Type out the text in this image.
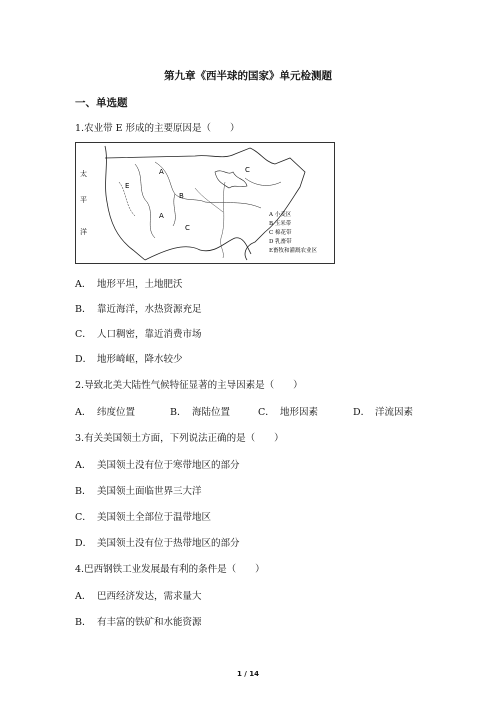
第九章《西半球的国家》单元检测题
一、单选题
1.农业带 E 形成的主要原因是（　　）
太
平
洋
E
A
B
C
A
C
A 小麦区
B 玉米带
C 棉花带
D 乳畜带
E畜牧和灌溉农业区
A． 地形平坦，土地肥沃
B． 靠近海洋，水热资源充足
C． 人口稠密，靠近消费市场
D． 地形崎岖，降水较少
2.导致北美大陆性气候特征显著的主导因素是（　　）
A． 纬度位置	B． 海陆位置	C． 地形因素	D． 洋流因素
3.有关美国领土方面，下列说法正确的是（　　）
A． 美国领土没有位于寒带地区的部分
B． 美国领土面临世界三大洋
C． 美国领土全部位于温带地区
D． 美国领土没有位于热带地区的部分
4.巴西钢铁工业发展最有利的条件是（　　）
A． 巴西经济发达，需求量大
B． 有丰富的铁矿和水能资源
1 / 14
